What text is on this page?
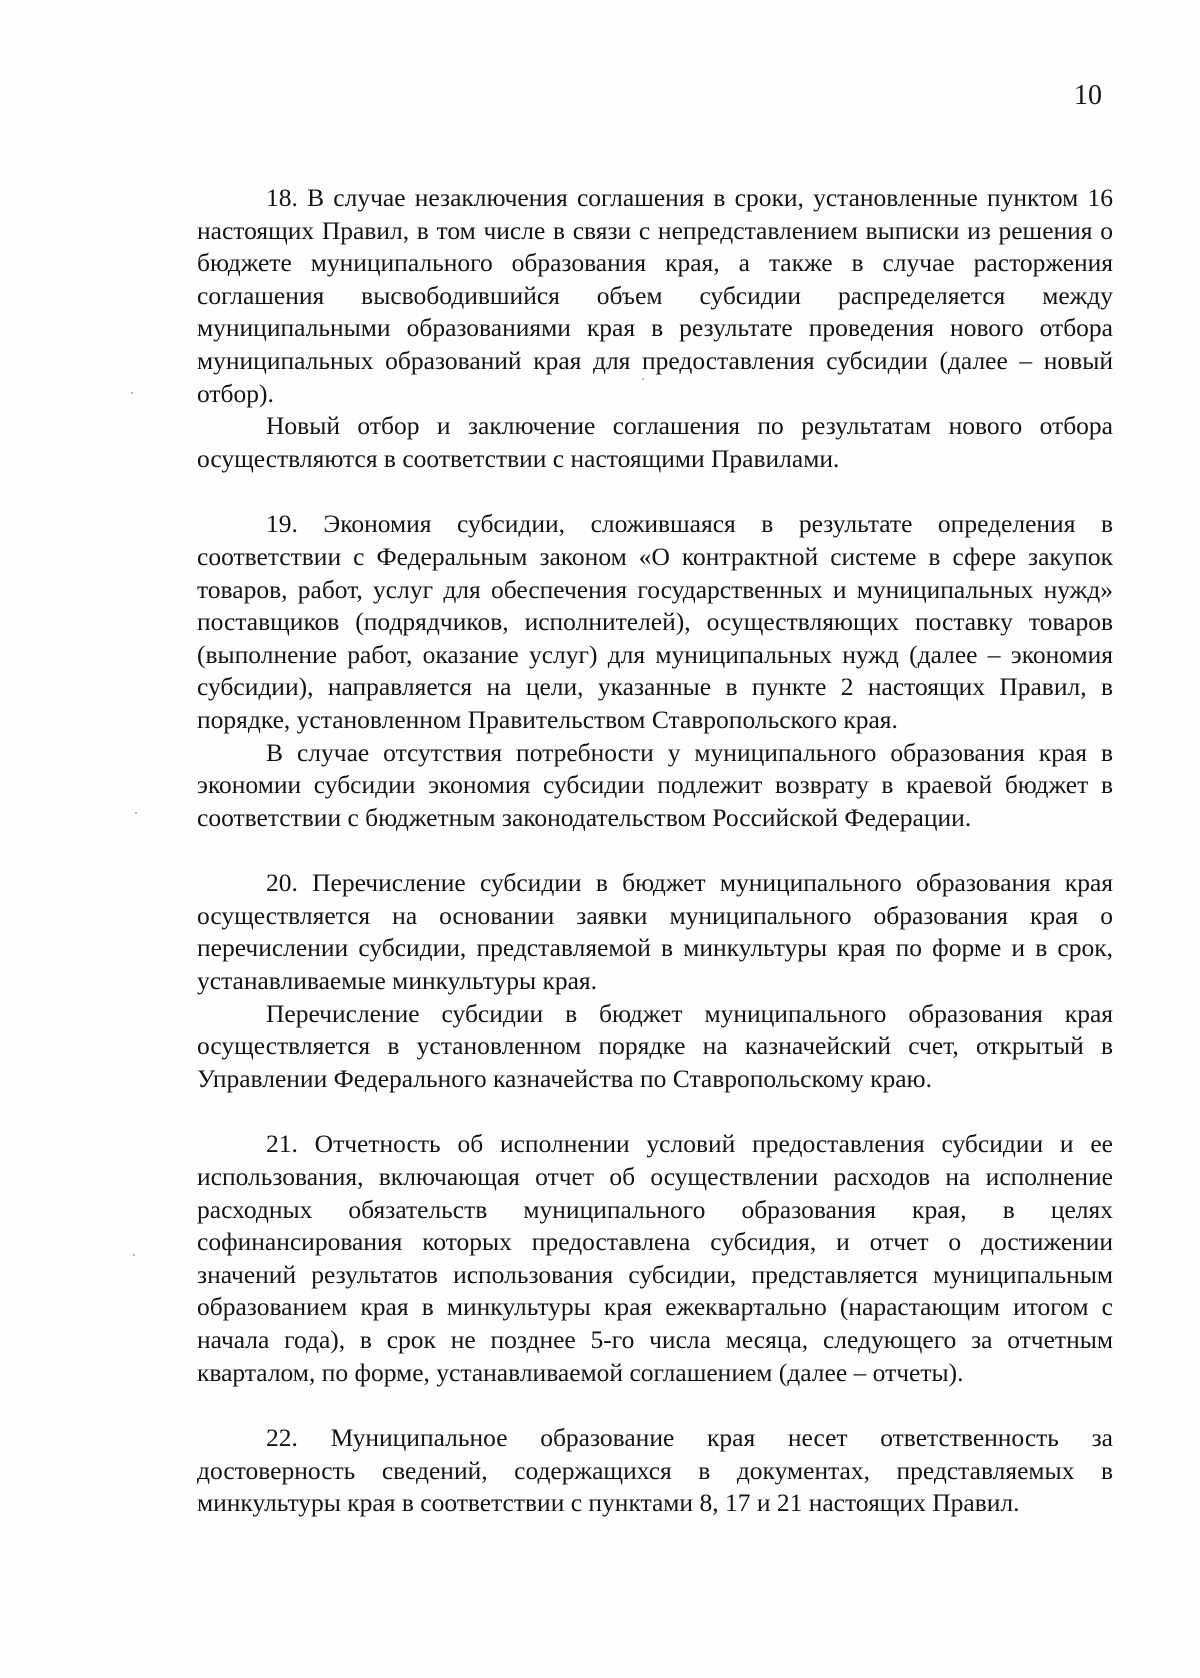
10

18. В случае незаключения соглашения в сроки, установленные пунктом 16 настоящих Правил, в том числе в связи с непредставлением выписки из решения о бюджете муниципального образования края, а также в случае расторжения соглашения высвободившийся объем субсидии распределяется между муниципальными образованиями края в результате проведения нового отбора муниципальных образований края для предоставления субсидии (далее – новый отбор).

Новый отбор и заключение соглашения по результатам нового отбора осуществляются в соответствии с настоящими Правилами.

19. Экономия субсидии, сложившаяся в результате определения в соответствии с Федеральным законом «О контрактной системе в сфере закупок товаров, работ, услуг для обеспечения государственных и муниципальных нужд» поставщиков (подрядчиков, исполнителей), осуществляющих поставку товаров (выполнение работ, оказание услуг) для муниципальных нужд (далее – экономия субсидии), направляется на цели, указанные в пункте 2 настоящих Правил, в порядке, установленном Правительством Ставропольского края.

В случае отсутствия потребности у муниципального образования края в экономии субсидии экономия субсидии подлежит возврату в краевой бюджет в соответствии с бюджетным законодательством Российской Федерации.

20. Перечисление субсидии в бюджет муниципального образования края осуществляется на основании заявки муниципального образования края о перечислении субсидии, представляемой в минкультуры края по форме и в срок, устанавливаемые минкультуры края.

Перечисление субсидии в бюджет муниципального образования края осуществляется в установленном порядке на казначейский счет, открытый в Управлении Федерального казначейства по Ставропольскому краю.

21. Отчетность об исполнении условий предоставления субсидии и ее использования, включающая отчет об осуществлении расходов на исполнение расходных обязательств муниципального образования края, в целях софинансирования которых предоставлена субсидия, и отчет о достижении значений результатов использования субсидии, представляется муниципальным образованием края в минкультуры края ежеквартально (нарастающим итогом с начала года), в срок не позднее 5-го числа месяца, следующего за отчетным кварталом, по форме, устанавливаемой соглашением (далее – отчеты).

22. Муниципальное образование края несет ответственность за достоверность сведений, содержащихся в документах, представляемых в минкультуры края в соответствии с пунктами 8, 17 и 21 настоящих Правил.
